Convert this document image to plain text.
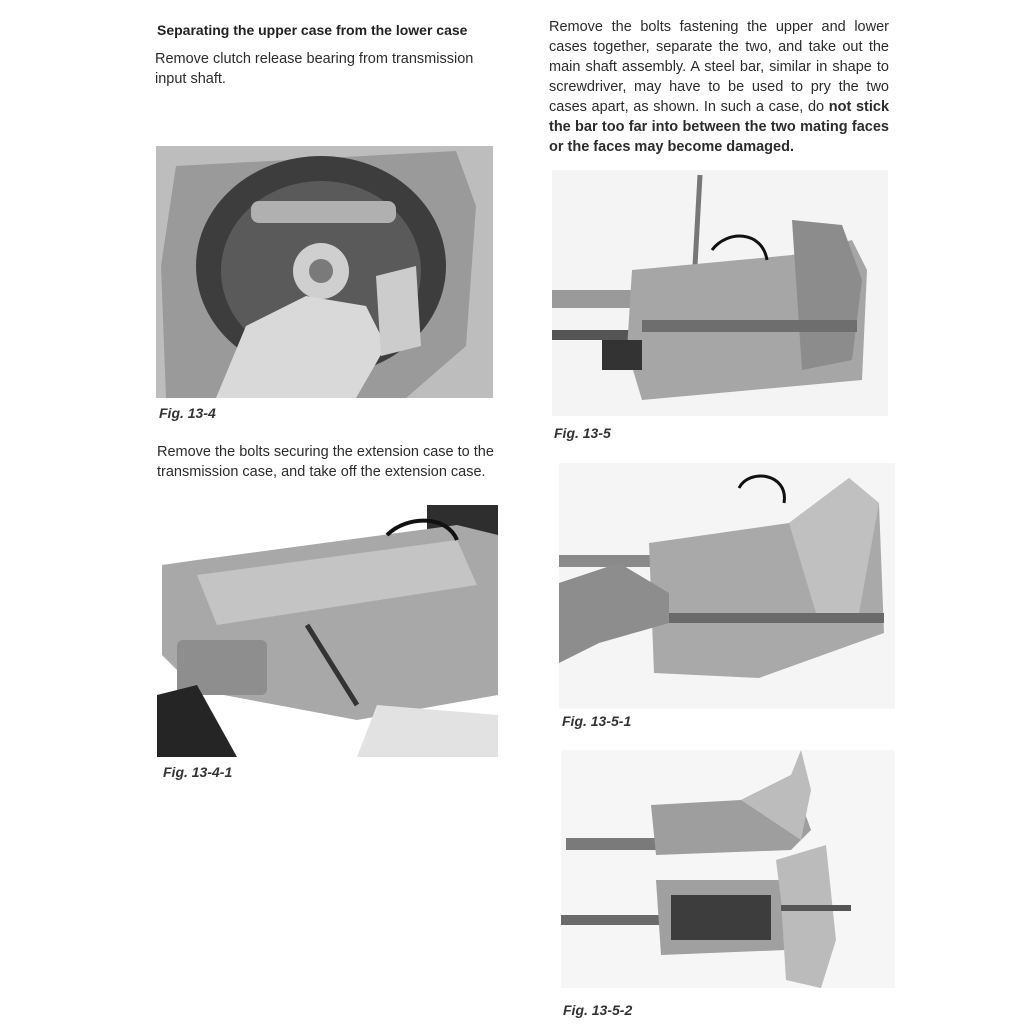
Separating the upper case from the lower case

Remove clutch release bearing from transmission input shaft.

Fig. 13-4

Remove the bolts securing the extension case to the transmission case, and take off the extension case.

Fig. 13-4-1

Remove the bolts fastening the upper and lower cases together, separate the two, and take out the main shaft assembly. A steel bar, similar in shape to screwdriver, may have to be used to pry the two cases apart, as shown. In such a case, do not stick the bar too far into between the two mating faces or the faces may become damaged.

Fig. 13-5

Fig. 13-5-1

Fig. 13-5-2
